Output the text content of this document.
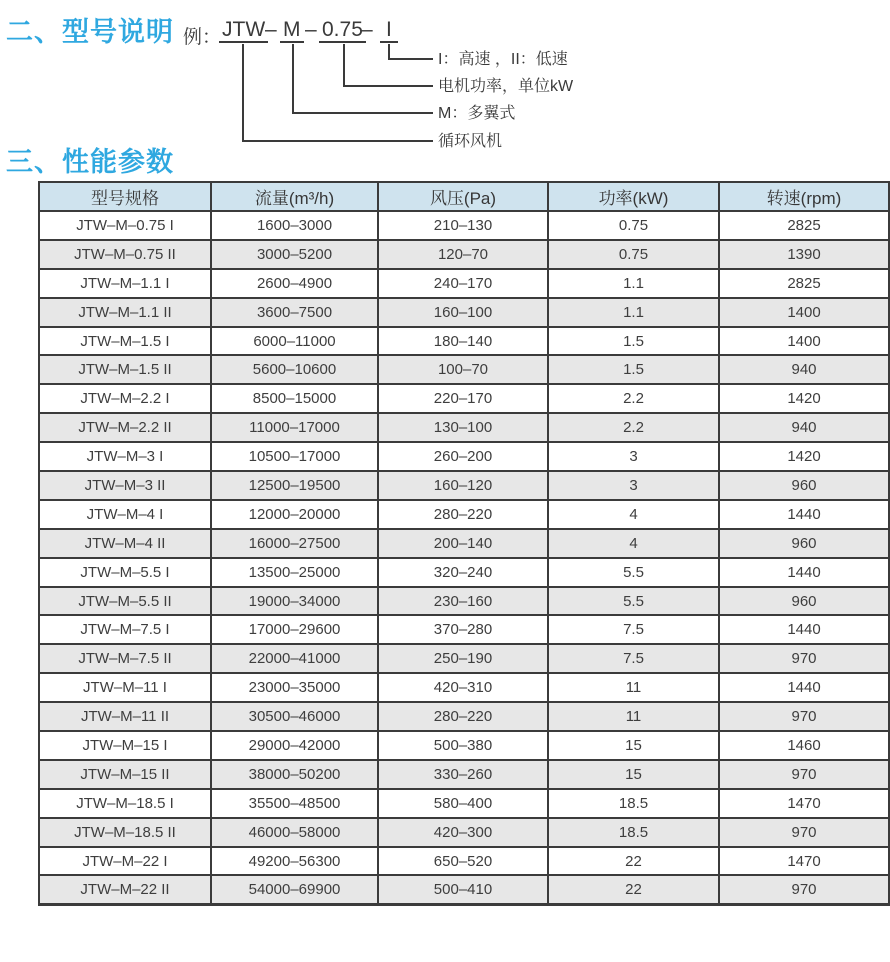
二、型号说明 例： JTW – M – 0.75
– I
I：高速 ，II：低速
电机功率，单位kW
M：多翼式
循环风机
三、性能参数
型号规格	流量(m³/h)	风压(Pa)	功率(kW)	转速(rpm)
JTW–M–0.75 I	1600–3000	210–130	0.75	2825
JTW–M–0.75 II	3000–5200	120–70	0.75	1390
JTW–M–1.1 I	2600–4900	240–170	1.1	2825
JTW–M–1.1 II	3600–7500	160–100	1.1	1400
JTW–M–1.5 I	6000–11000	180–140	1.5	1400
JTW–M–1.5 II	5600–10600	100–70	1.5	940
JTW–M–2.2 I	8500–15000	220–170	2.2	1420
JTW–M–2.2 II	11000–17000	130–100	2.2	940
JTW–M–3 I	10500–17000	260–200	3	1420
JTW–M–3 II	12500–19500	160–120	3	960
JTW–M–4 I	12000–20000	280–220	4	1440
JTW–M–4 II	16000–27500	200–140	4	960
JTW–M–5.5 I	13500–25000	320–240	5.5	1440
JTW–M–5.5 II	19000–34000	230–160	5.5	960
JTW–M–7.5 I	17000–29600	370–280	7.5	1440
JTW–M–7.5 II	22000–41000	250–190	7.5	970
JTW–M–11 I	23000–35000	420–310	11	1440
JTW–M–11 II	30500–46000	280–220	11	970
JTW–M–15 I	29000–42000	500–380	15	1460
JTW–M–15 II	38000–50200	330–260	15	970
JTW–M–18.5 I	35500–48500	580–400	18.5	1470
JTW–M–18.5 II	46000–58000	420–300	18.5	970
JTW–M–22 I	49200–56300	650–520	22	1470
JTW–M–22 II	54000–69900	500–410	22	970
